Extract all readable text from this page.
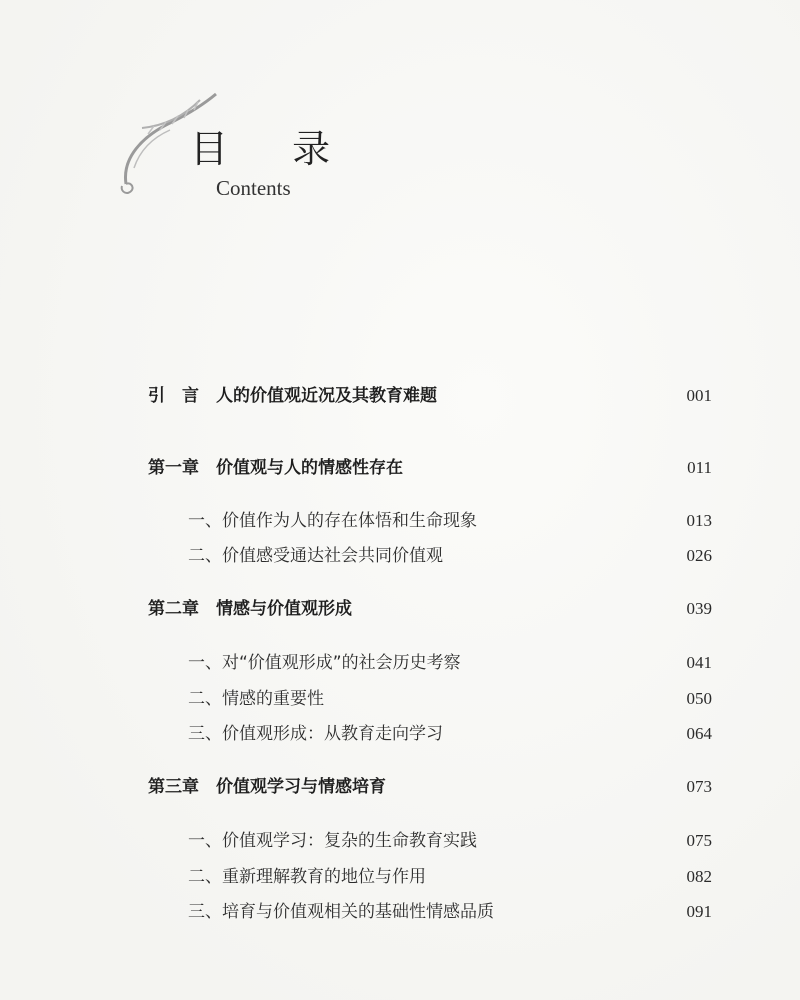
目 录
Contents
引　言　人的价值观近况及其教育难题	001
第一章　价值观与人的情感性存在	011
一、价值作为人的存在体悟和生命现象	013
二、价值感受通达社会共同价值观	026
第二章　情感与价值观形成	039
一、对“价值观形成”的社会历史考察	041
二、情感的重要性	050
三、价值观形成：从教育走向学习	064
第三章　价值观学习与情感培育	073
一、价值观学习：复杂的生命教育实践	075
二、重新理解教育的地位与作用	082
三、培育与价值观相关的基础性情感品质	091
